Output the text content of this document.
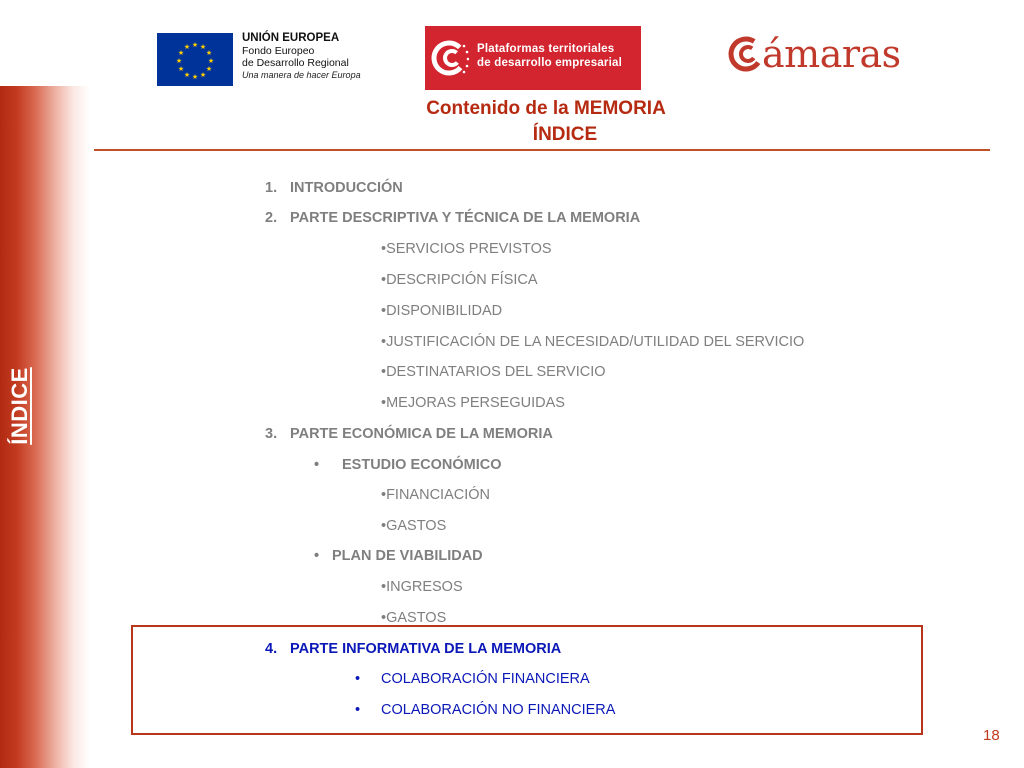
ÍNDICE
★ ★
★
★
★
★
★
★
★
★
★
★
UNIÓN EUROPEA
Fondo Europeo
de Desarrollo Regional
Una manera de hacer Europa
Plataformas territoriales
de desarrollo empresarial	ámaras
Contenido de la MEMORIA
ÍNDICE
1. INTRODUCCIÓN
2. PARTE DESCRIPTIVA Y TÉCNICA DE LA MEMORIA
•SERVICIOS PREVISTOS
•DESCRIPCIÓN FÍSICA
•DISPONIBILIDAD
•JUSTIFICACIÓN DE LA NECESIDAD/UTILIDAD DEL SERVICIO
•DESTINATARIOS DEL SERVICIO
•MEJORAS PERSEGUIDAS
3. PARTE ECONÓMICA DE LA MEMORIA
• ESTUDIO ECONÓMICO
•FINANCIACIÓN
•GASTOS
• PLAN DE VIABILIDAD
•INGRESOS
•GASTOS
4. PARTE INFORMATIVA DE LA MEMORIA
• COLABORACIÓN FINANCIERA
• COLABORACIÓN NO FINANCIERA
18
